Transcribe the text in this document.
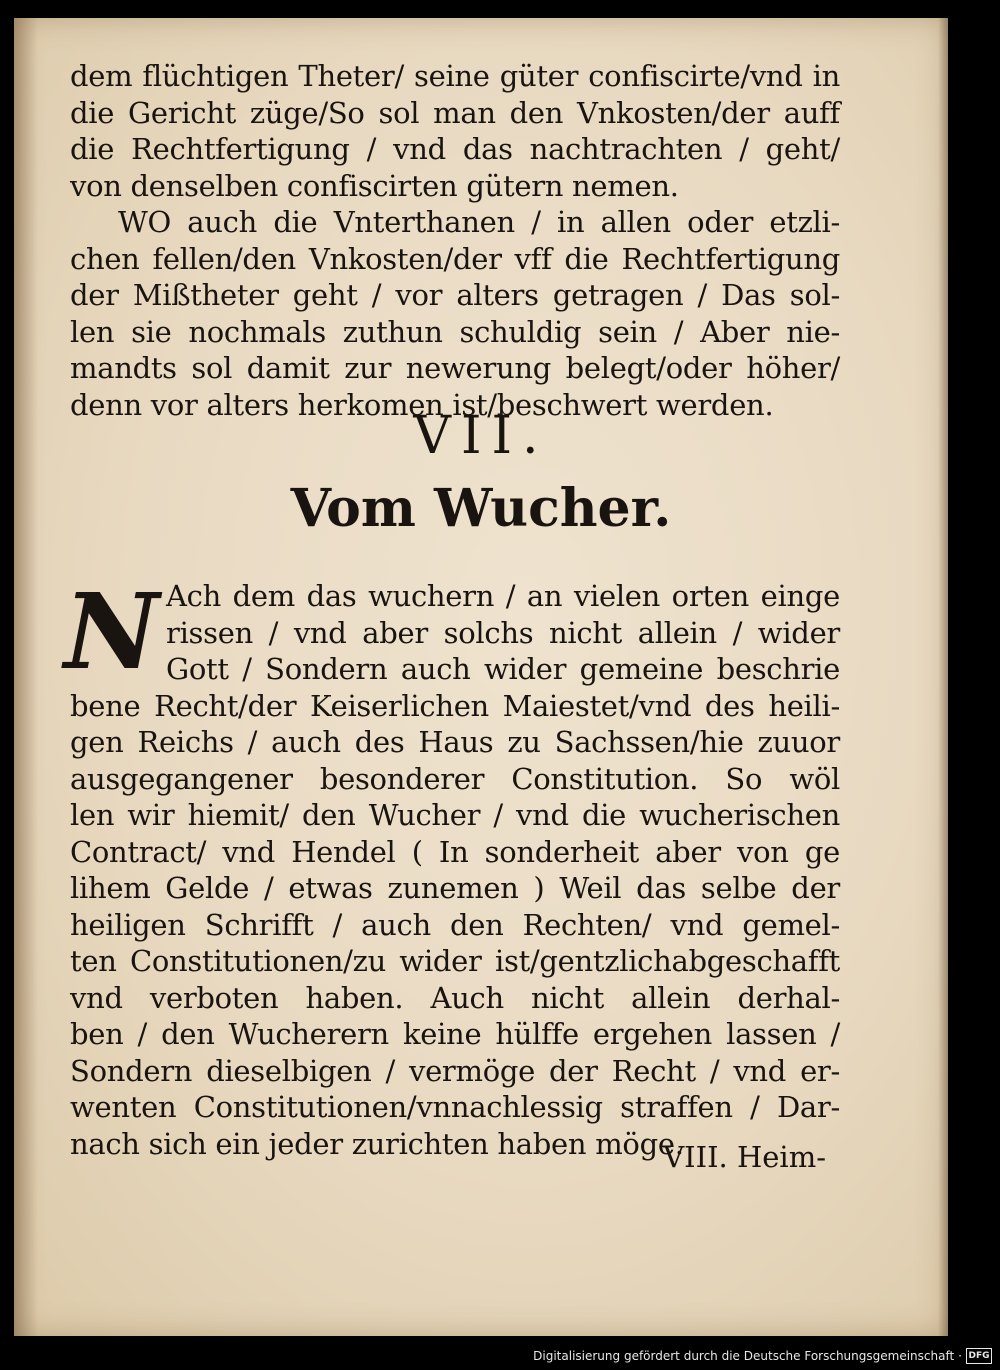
dem flüchtigen Theter/ seine güter confiscirte/vnd in
die Gericht züge/So sol man den Vnkosten/der auff
die Rechtfertigung / vnd das nachtrachten / geht/
von denselben confiscirten gütern nemen.
WO auch die Vnterthanen / in allen oder etzli-
chen fellen/den Vnkosten/der vff die Rechtfertigung
der Mißtheter geht / vor alters getragen / Das sol-
len sie nochmals zuthun schuldig sein / Aber nie-
mandts sol damit zur newerung belegt/oder höher/
denn vor alters herkomen ist/beschwert werden.
VII.
Vom Wucher.
N Ach dem das wuchern / an vielen orten einge
rissen / vnd aber solchs nicht allein / wider
Gott / Sondern auch wider gemeine beschrie
bene Recht/der Keiserlichen Maiestet/vnd des heili-
gen Reichs / auch des Haus zu Sachssen/hie zuuor
ausgegangener besonderer Constitution. So wöl
len wir hiemit/ den Wucher / vnd die wucherischen
Contract/ vnd Hendel ( In sonderheit aber von ge
lihem Gelde / etwas zunemen ) Weil das selbe der
heiligen Schrifft / auch den Rechten/ vnd gemel-
ten Constitutionen/zu wider ist/gentzlichabgeschafft
vnd verboten haben. Auch nicht allein derhal-
ben / den Wucherern keine hülffe ergehen lassen /
Sondern dieselbigen / vermöge der Recht / vnd er-
wenten Constitutionen/vnnachlessig straffen / Dar-
nach sich ein jeder zurichten haben möge.
VIII. Heim-
Digitalisierung gefördert durch die Deutsche Forschungsgemeinschaft · DFG
